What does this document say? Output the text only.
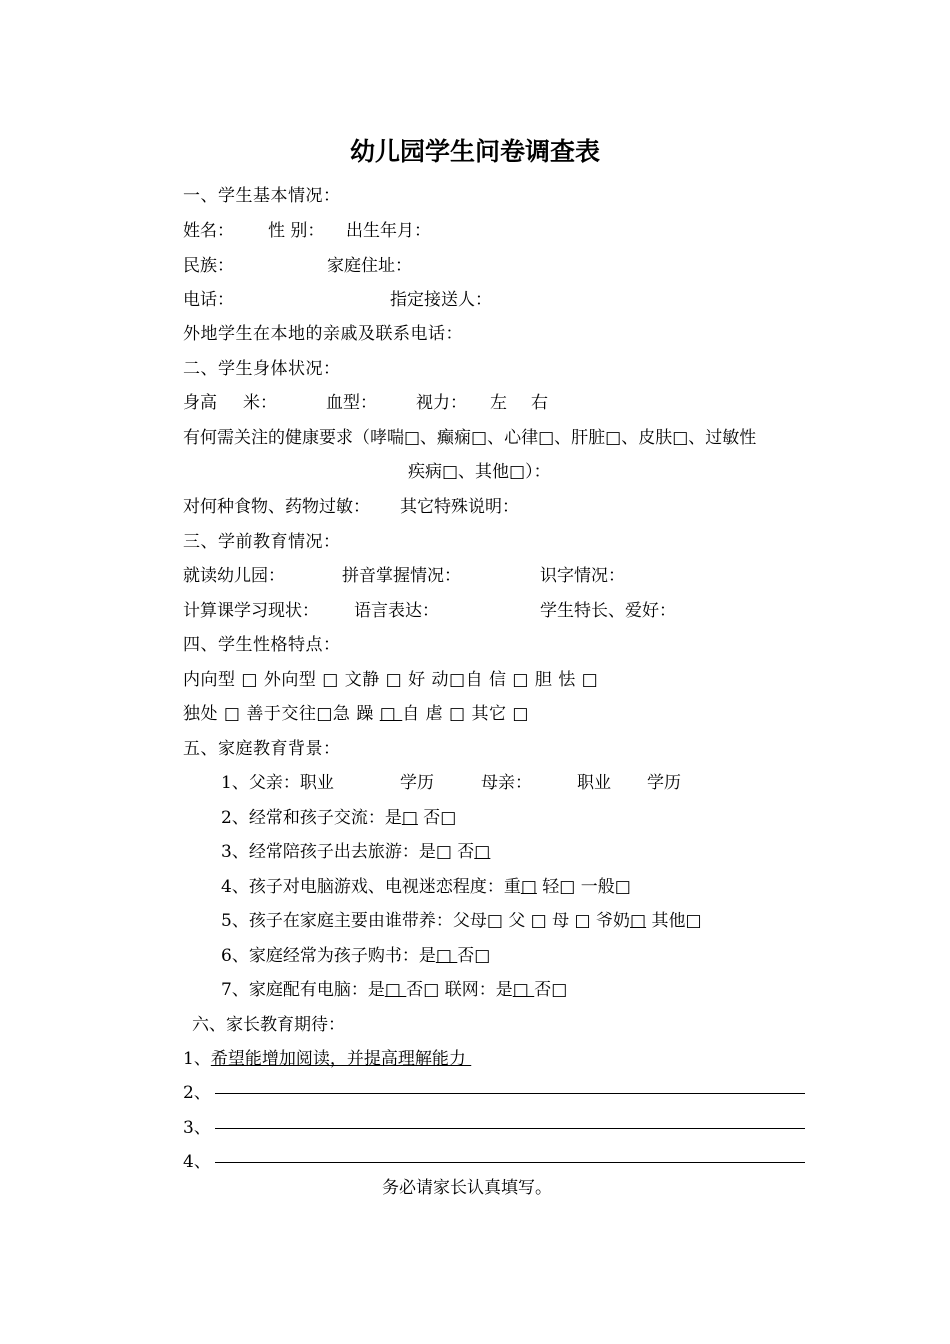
幼儿园学生问卷调查表
一、学生基本情况：
姓名： 性 别： 出生年月：
民族：	家庭住址：
电话：	指定接送人：
外地学生在本地的亲戚及联系电话：
二、学生身体状况：
身高 米：	血型： 视力： 左 右
有何需关注的健康要求（哮喘□、癫痫□、心律□、肝脏□、皮肤□、过敏性
疾病□、其他□）：
对何种食物、药物过敏： 其它特殊说明：
三、学前教育情况：
就读幼儿园：	拼音掌握情况：	识字情况：
计算课学习现状： 语言表达：	学生特长、爱好：
四、学生性格特点：
内向型 □ 外向型 □ 文静 □ 好 动□自 信 □ 胆 怯 □
独处 □ 善于交往□急 躁 □ 自 虐 □ 其它 □
五、家庭教育背景：
1、父亲：职业	学历	母亲：	职业 学历
2、经常和孩子交流：是□ 否□
3、经常陪孩子出去旅游：是□ 否□
4、孩子对电脑游戏、电视迷恋程度：重□ 轻□ 一般□
5、孩子在家庭主要由谁带养：父母□ 父 □ 母 □ 爷奶□ 其他□
6、家庭经常为孩子购书：是□ 否□
7、家庭配有电脑：是□ 否□ 联网：是□ 否□
六、家长教育期待：
1、希望能增加阅读，并提高理解能力
2、
3、
4、
务必请家长认真填写。
